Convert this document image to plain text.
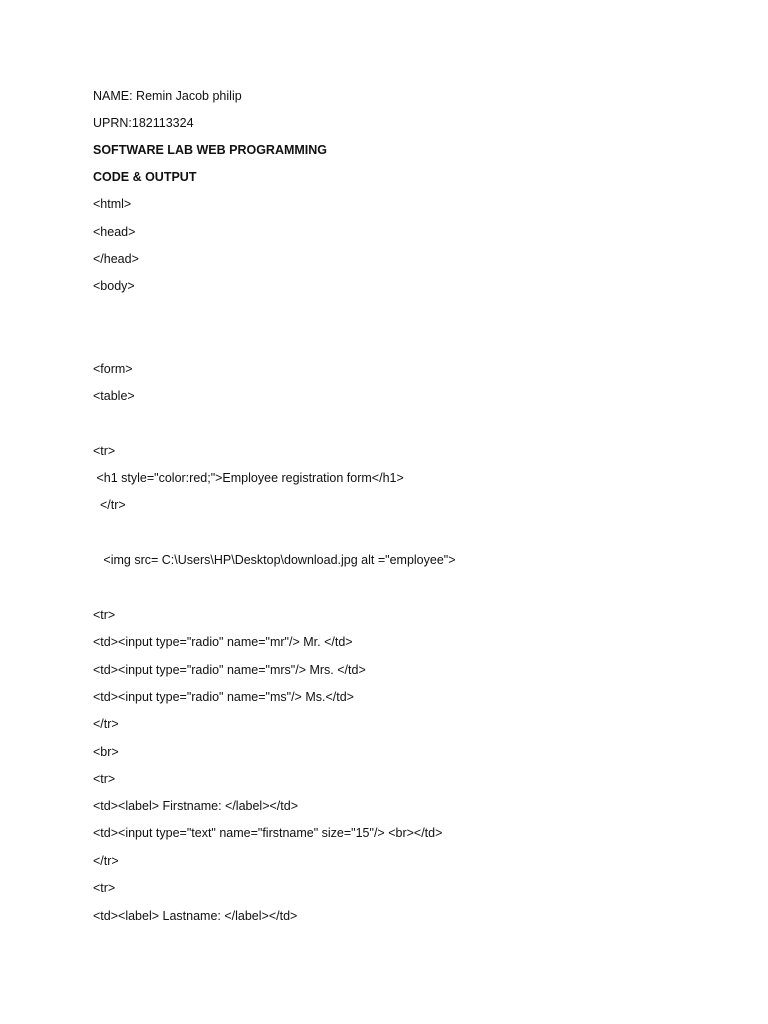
NAME: Remin Jacob philip
UPRN:182113324
SOFTWARE LAB WEB PROGRAMMING
CODE & OUTPUT
<html>
<head>
</head>
<body>
<form>
<table>
<tr>
<h1 style="color:red;">Employee registration form</h1>
</tr>
<img src= C:\Users\HP\Desktop\download.jpg alt ="employee">
<tr>
<td><input type="radio" name="mr"/> Mr. </td>
<td><input type="radio" name="mrs"/> Mrs. </td>
<td><input type="radio" name="ms"/> Ms.</td>
</tr>
<br>
<tr>
<td><label> Firstname: </label></td>
<td><input type="text" name="firstname" size="15"/> <br></td>
</tr>
<tr>
<td><label> Lastname: </label></td>
